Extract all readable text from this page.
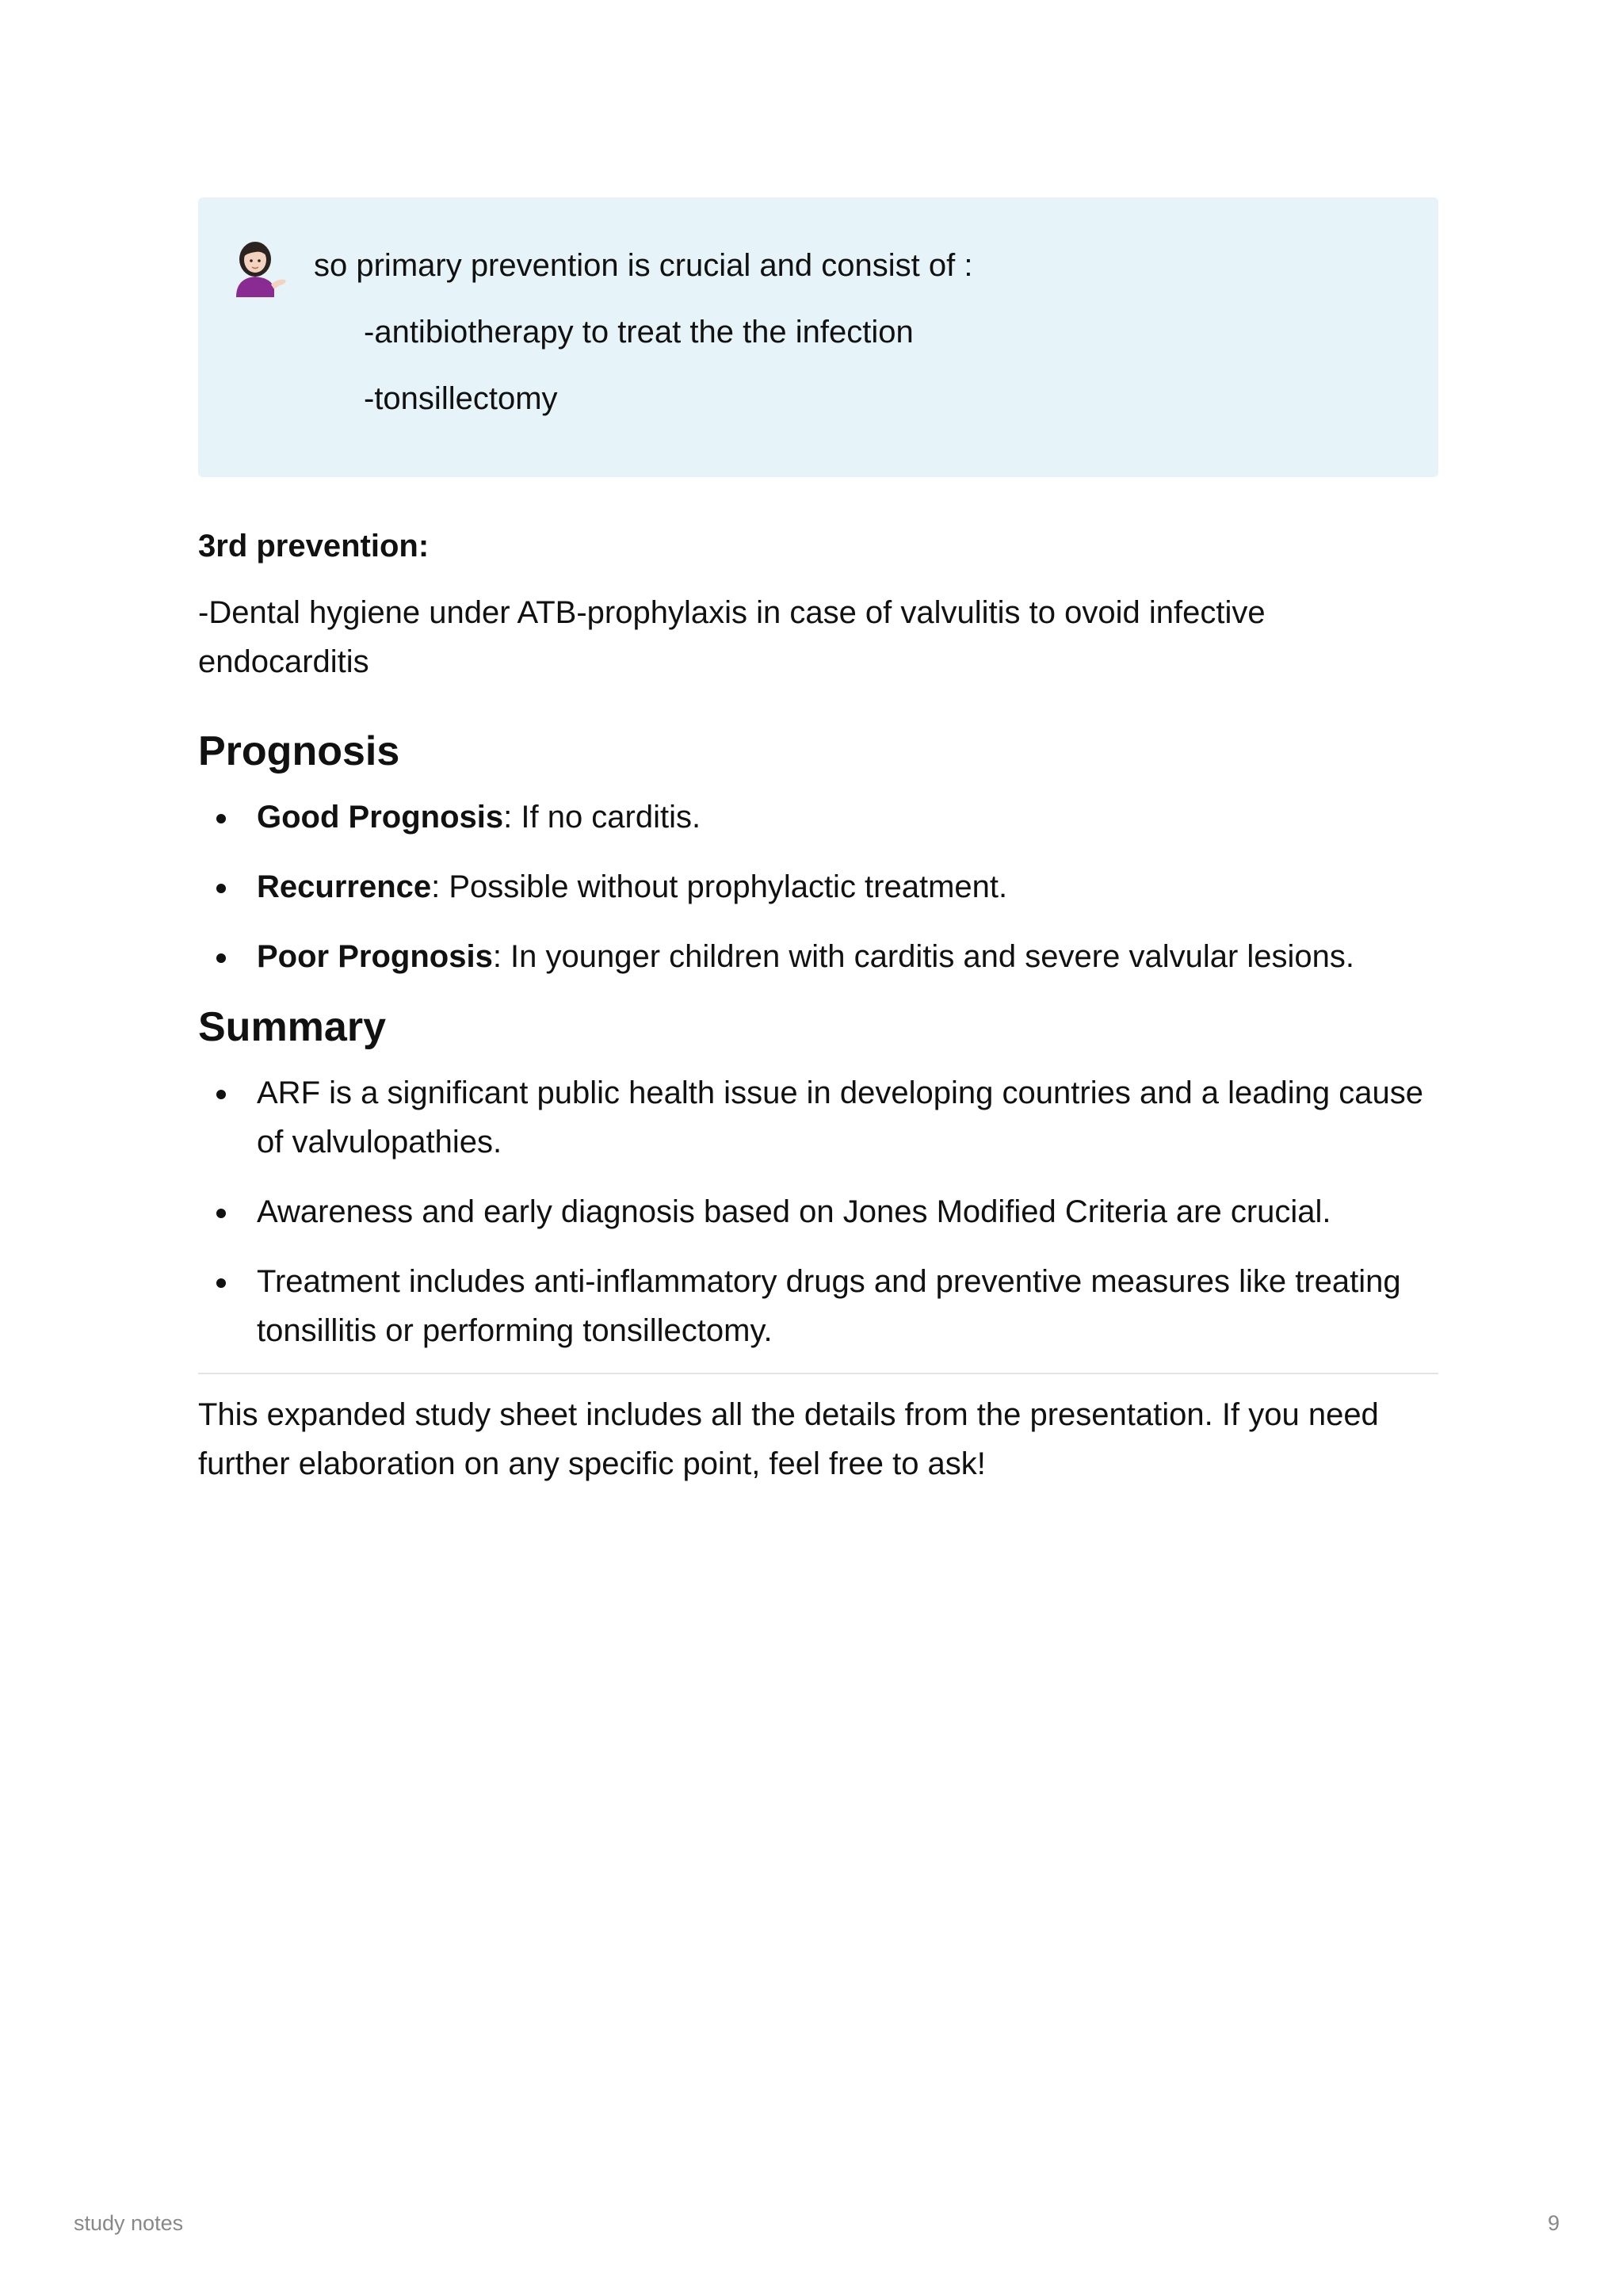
so primary prevention is crucial and consist of :
-antibiotherapy to treat the the infection
-tonsillectomy
3rd prevention:
-Dental hygiene under ATB-prophylaxis in case of valvulitis to ovoid infective endocarditis
Prognosis
Good Prognosis: If no carditis.
Recurrence: Possible without prophylactic treatment.
Poor Prognosis: In younger children with carditis and severe valvular lesions.
Summary
ARF is a significant public health issue in developing countries and a leading cause of valvulopathies.
Awareness and early diagnosis based on Jones Modified Criteria are crucial.
Treatment includes anti-inflammatory drugs and preventive measures like treating tonsillitis or performing tonsillectomy.
This expanded study sheet includes all the details from the presentation. If you need further elaboration on any specific point, feel free to ask!
study notes	9
